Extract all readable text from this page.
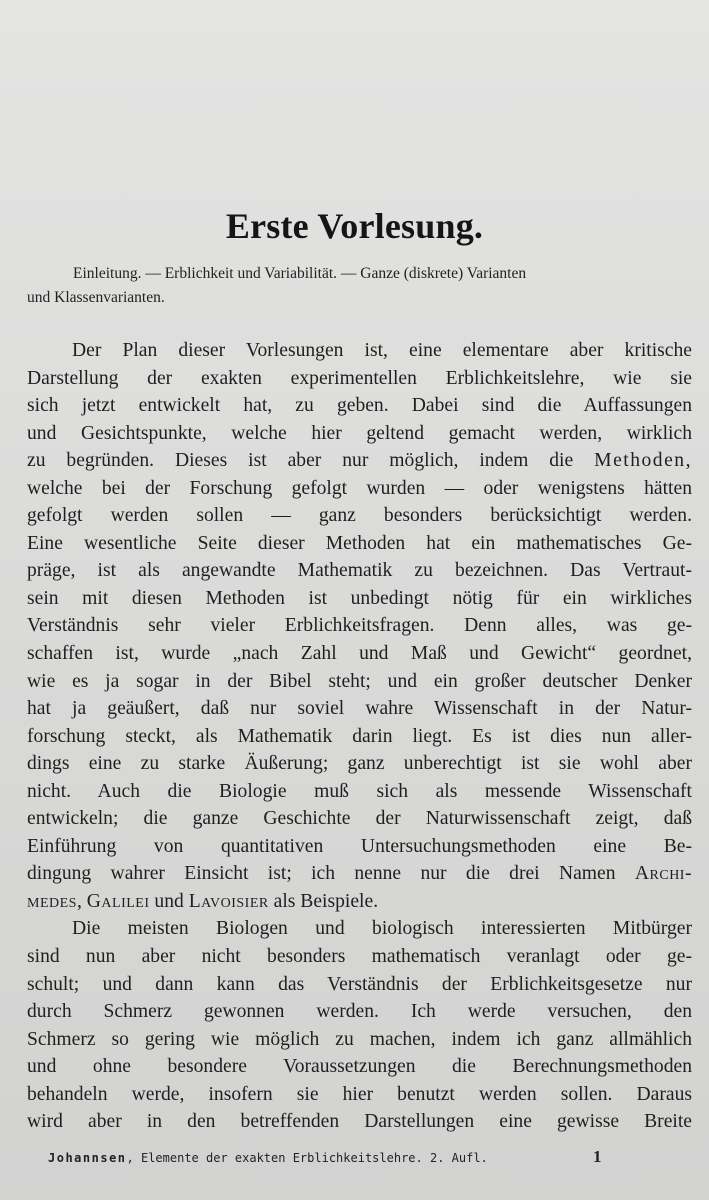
Erste Vorlesung.
Einleitung. — Erblichkeit und Variabilität. — Ganze (diskrete) Varianten
und Klassenvarianten.
Der Plan dieser Vorlesungen ist, eine elementare aber kritische
Darstellung der exakten experimentellen Erblichkeitslehre, wie sie
sich jetzt entwickelt hat, zu geben. Dabei sind die Auffassungen
und Gesichtspunkte, welche hier geltend gemacht werden, wirklich
zu begründen. Dieses ist aber nur möglich, indem die Methoden,
welche bei der Forschung gefolgt wurden — oder wenigstens hätten
gefolgt werden sollen — ganz besonders berücksichtigt werden.
Eine wesentliche Seite dieser Methoden hat ein mathematisches Ge-
präge, ist als angewandte Mathematik zu bezeichnen. Das Vertraut-
sein mit diesen Methoden ist unbedingt nötig für ein wirkliches
Verständnis sehr vieler Erblichkeitsfragen. Denn alles, was ge-
schaffen ist, wurde „nach Zahl und Maß und Gewicht“ geordnet,
wie es ja sogar in der Bibel steht; und ein großer deutscher Denker
hat ja geäußert, daß nur soviel wahre Wissenschaft in der Natur-
forschung steckt, als Mathematik darin liegt. Es ist dies nun aller-
dings eine zu starke Äußerung; ganz unberechtigt ist sie wohl aber
nicht. Auch die Biologie muß sich als messende Wissenschaft
entwickeln; die ganze Geschichte der Naturwissenschaft zeigt, daß
Einführung von quantitativen Untersuchungsmethoden eine Be-
dingung wahrer Einsicht ist; ich nenne nur die drei Namen Archi-
medes, Galilei und Lavoisier als Beispiele.
Die meisten Biologen und biologisch interessierten Mitbürger
sind nun aber nicht besonders mathematisch veranlagt oder ge-
schult; und dann kann das Verständnis der Erblichkeitsgesetze nur
durch Schmerz gewonnen werden. Ich werde versuchen, den
Schmerz so gering wie möglich zu machen, indem ich ganz allmählich
und ohne besondere Voraussetzungen die Berechnungsmethoden
behandeln werde, insofern sie hier benutzt werden sollen. Daraus
wird aber in den betreffenden Darstellungen eine gewisse Breite
Johannsen, Elemente der exakten Erblichkeitslehre. 2. Aufl.	1
